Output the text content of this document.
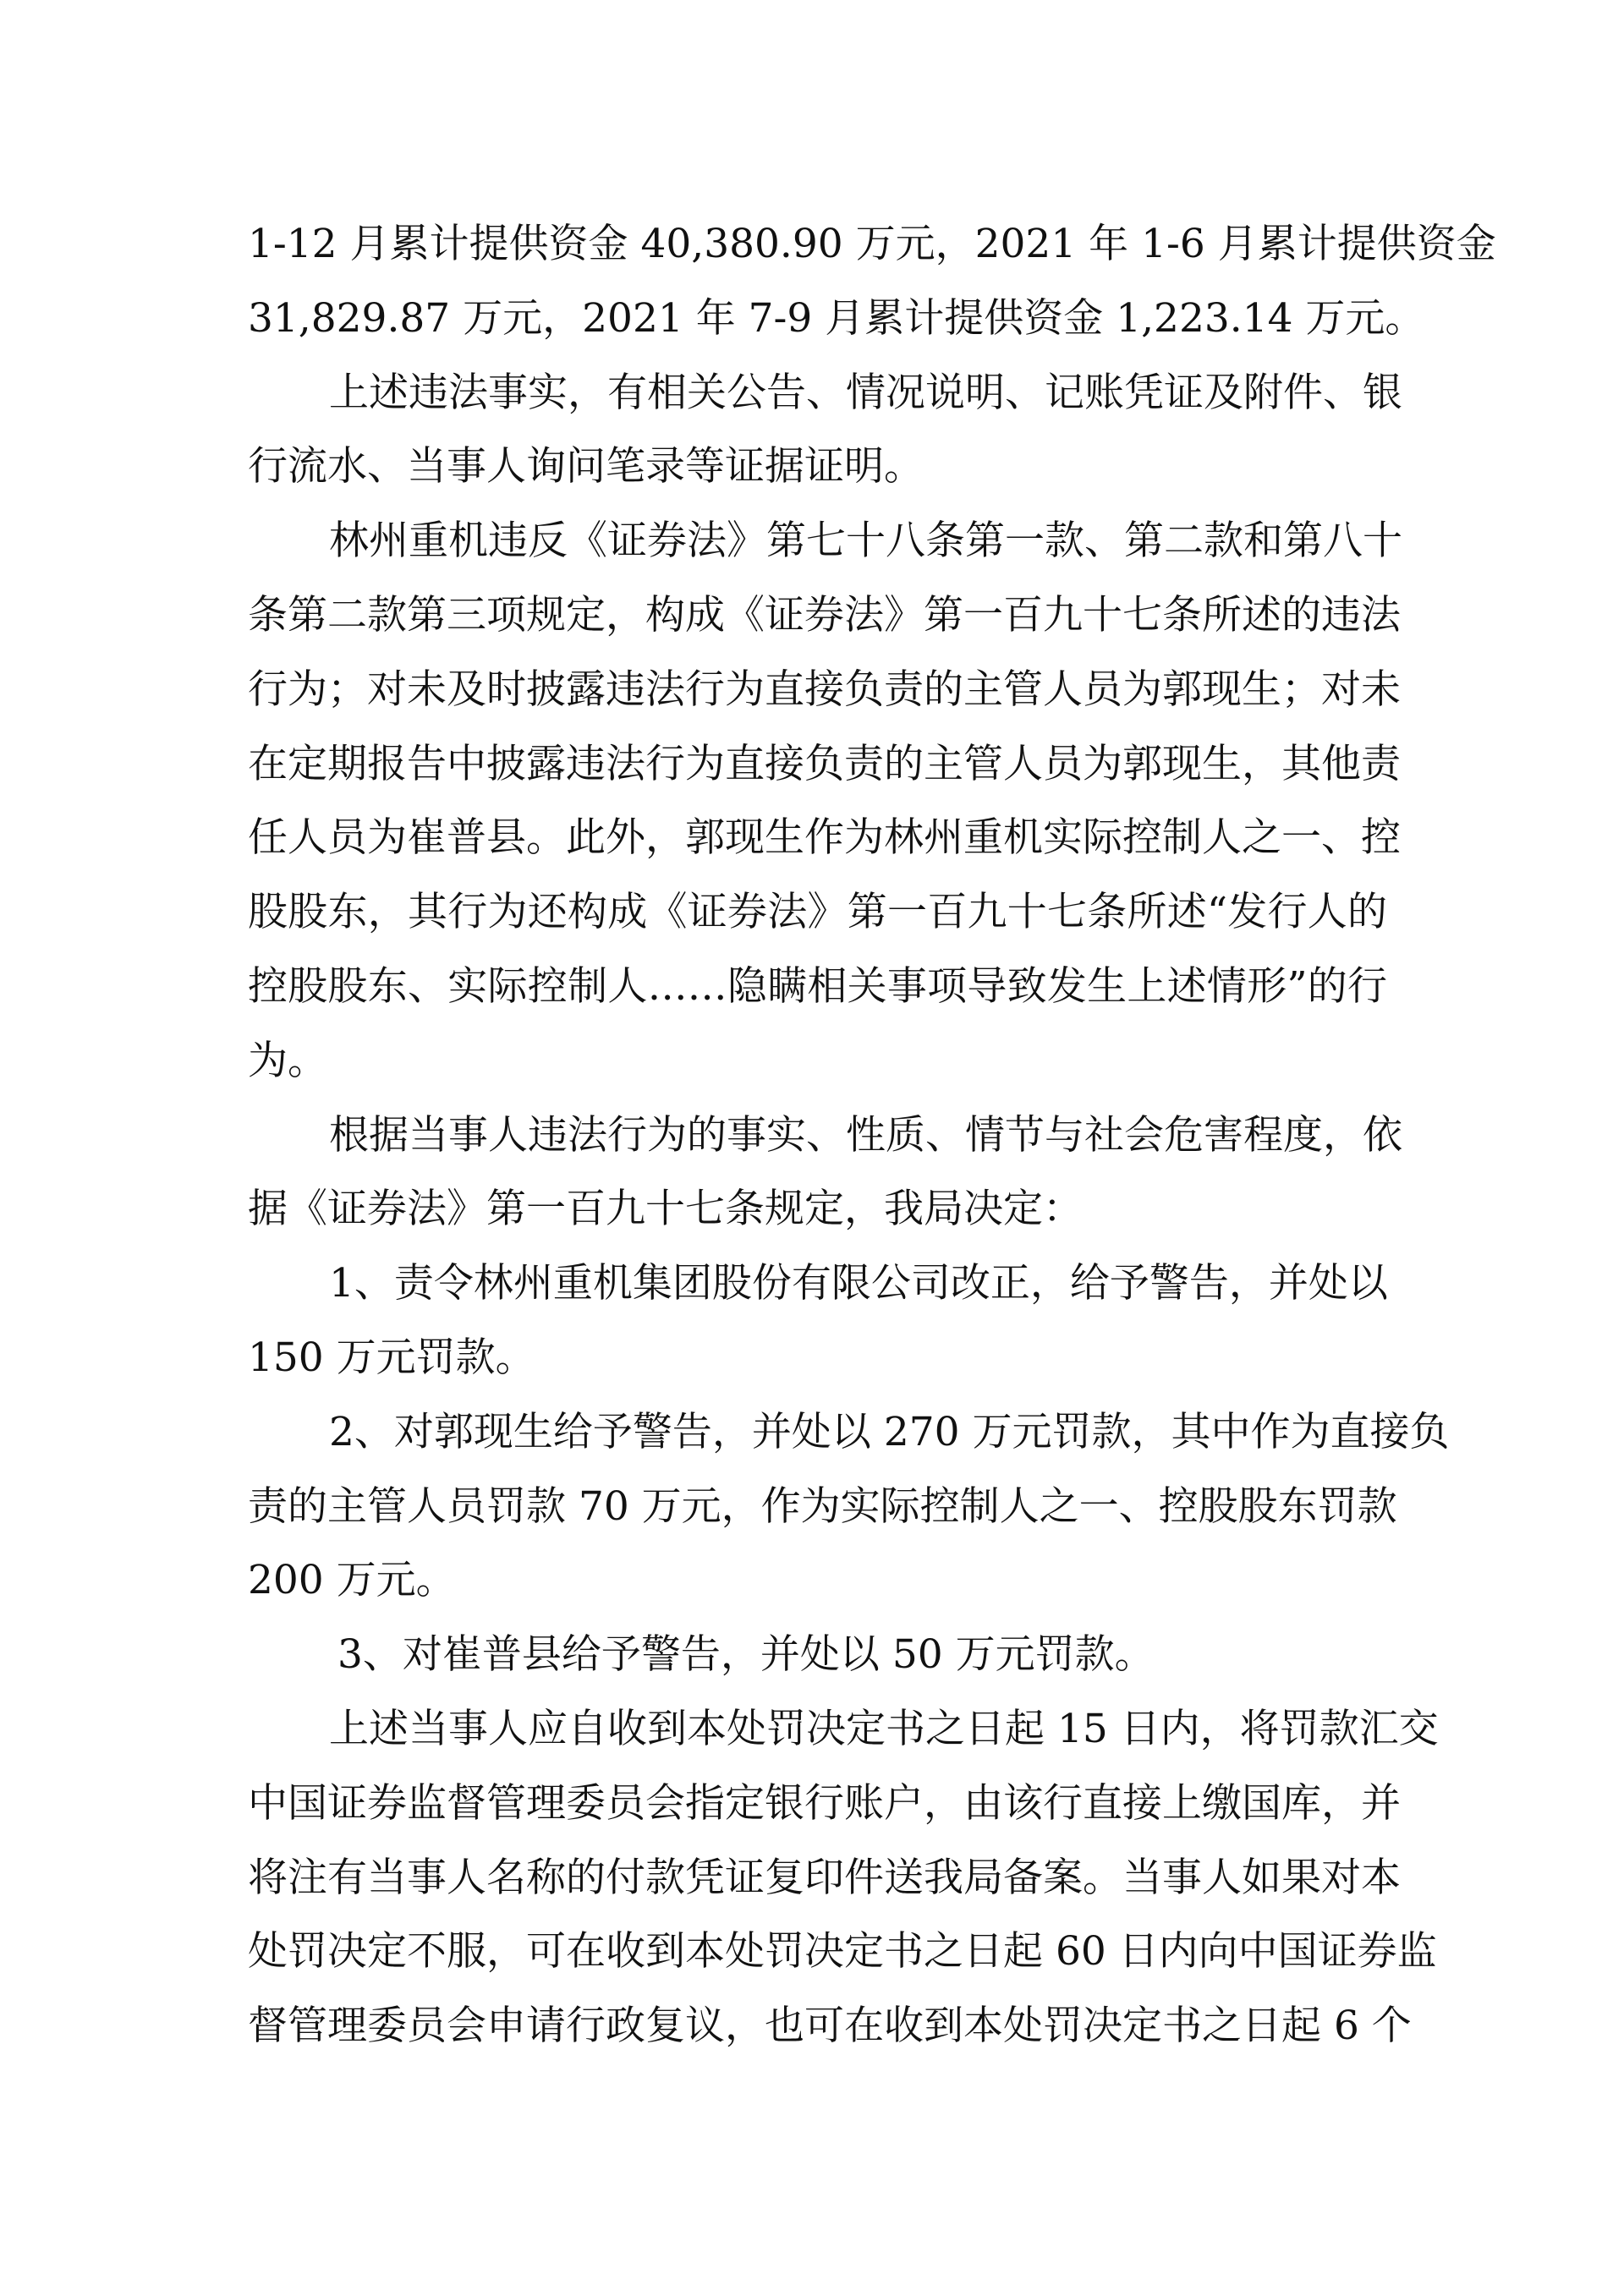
1-12 月累计提供资金 40,380.90 万元，2021 年 1-6 月累计提供资金
31,829.87 万元，2021 年 7-9 月累计提供资金 1,223.14 万元。
上述违法事实，有相关公告、情况说明、记账凭证及附件、银
行流水、当事人询问笔录等证据证明。
林州重机违反《证券法》第七十八条第一款、第二款和第八十
条第二款第三项规定，构成《证券法》第一百九十七条所述的违法
行为；对未及时披露违法行为直接负责的主管人员为郭现生；对未
在定期报告中披露违法行为直接负责的主管人员为郭现生，其他责
任人员为崔普县。此外，郭现生作为林州重机实际控制人之一、控
股股东，其行为还构成《证券法》第一百九十七条所述“发行人的
控股股东、实际控制人……隐瞒相关事项导致发生上述情形”的行
为。
根据当事人违法行为的事实、性质、情节与社会危害程度，依
据《证券法》第一百九十七条规定，我局决定：
1、责令林州重机集团股份有限公司改正，给予警告，并处以
150 万元罚款。
2、对郭现生给予警告，并处以 270 万元罚款，其中作为直接负
责的主管人员罚款 70 万元，作为实际控制人之一、控股股东罚款
200 万元。
3、对崔普县给予警告，并处以 50 万元罚款。
上述当事人应自收到本处罚决定书之日起 15 日内，将罚款汇交
中国证券监督管理委员会指定银行账户，由该行直接上缴国库，并
将注有当事人名称的付款凭证复印件送我局备案。当事人如果对本
处罚决定不服，可在收到本处罚决定书之日起 60 日内向中国证券监
督管理委员会申请行政复议，也可在收到本处罚决定书之日起 6 个
